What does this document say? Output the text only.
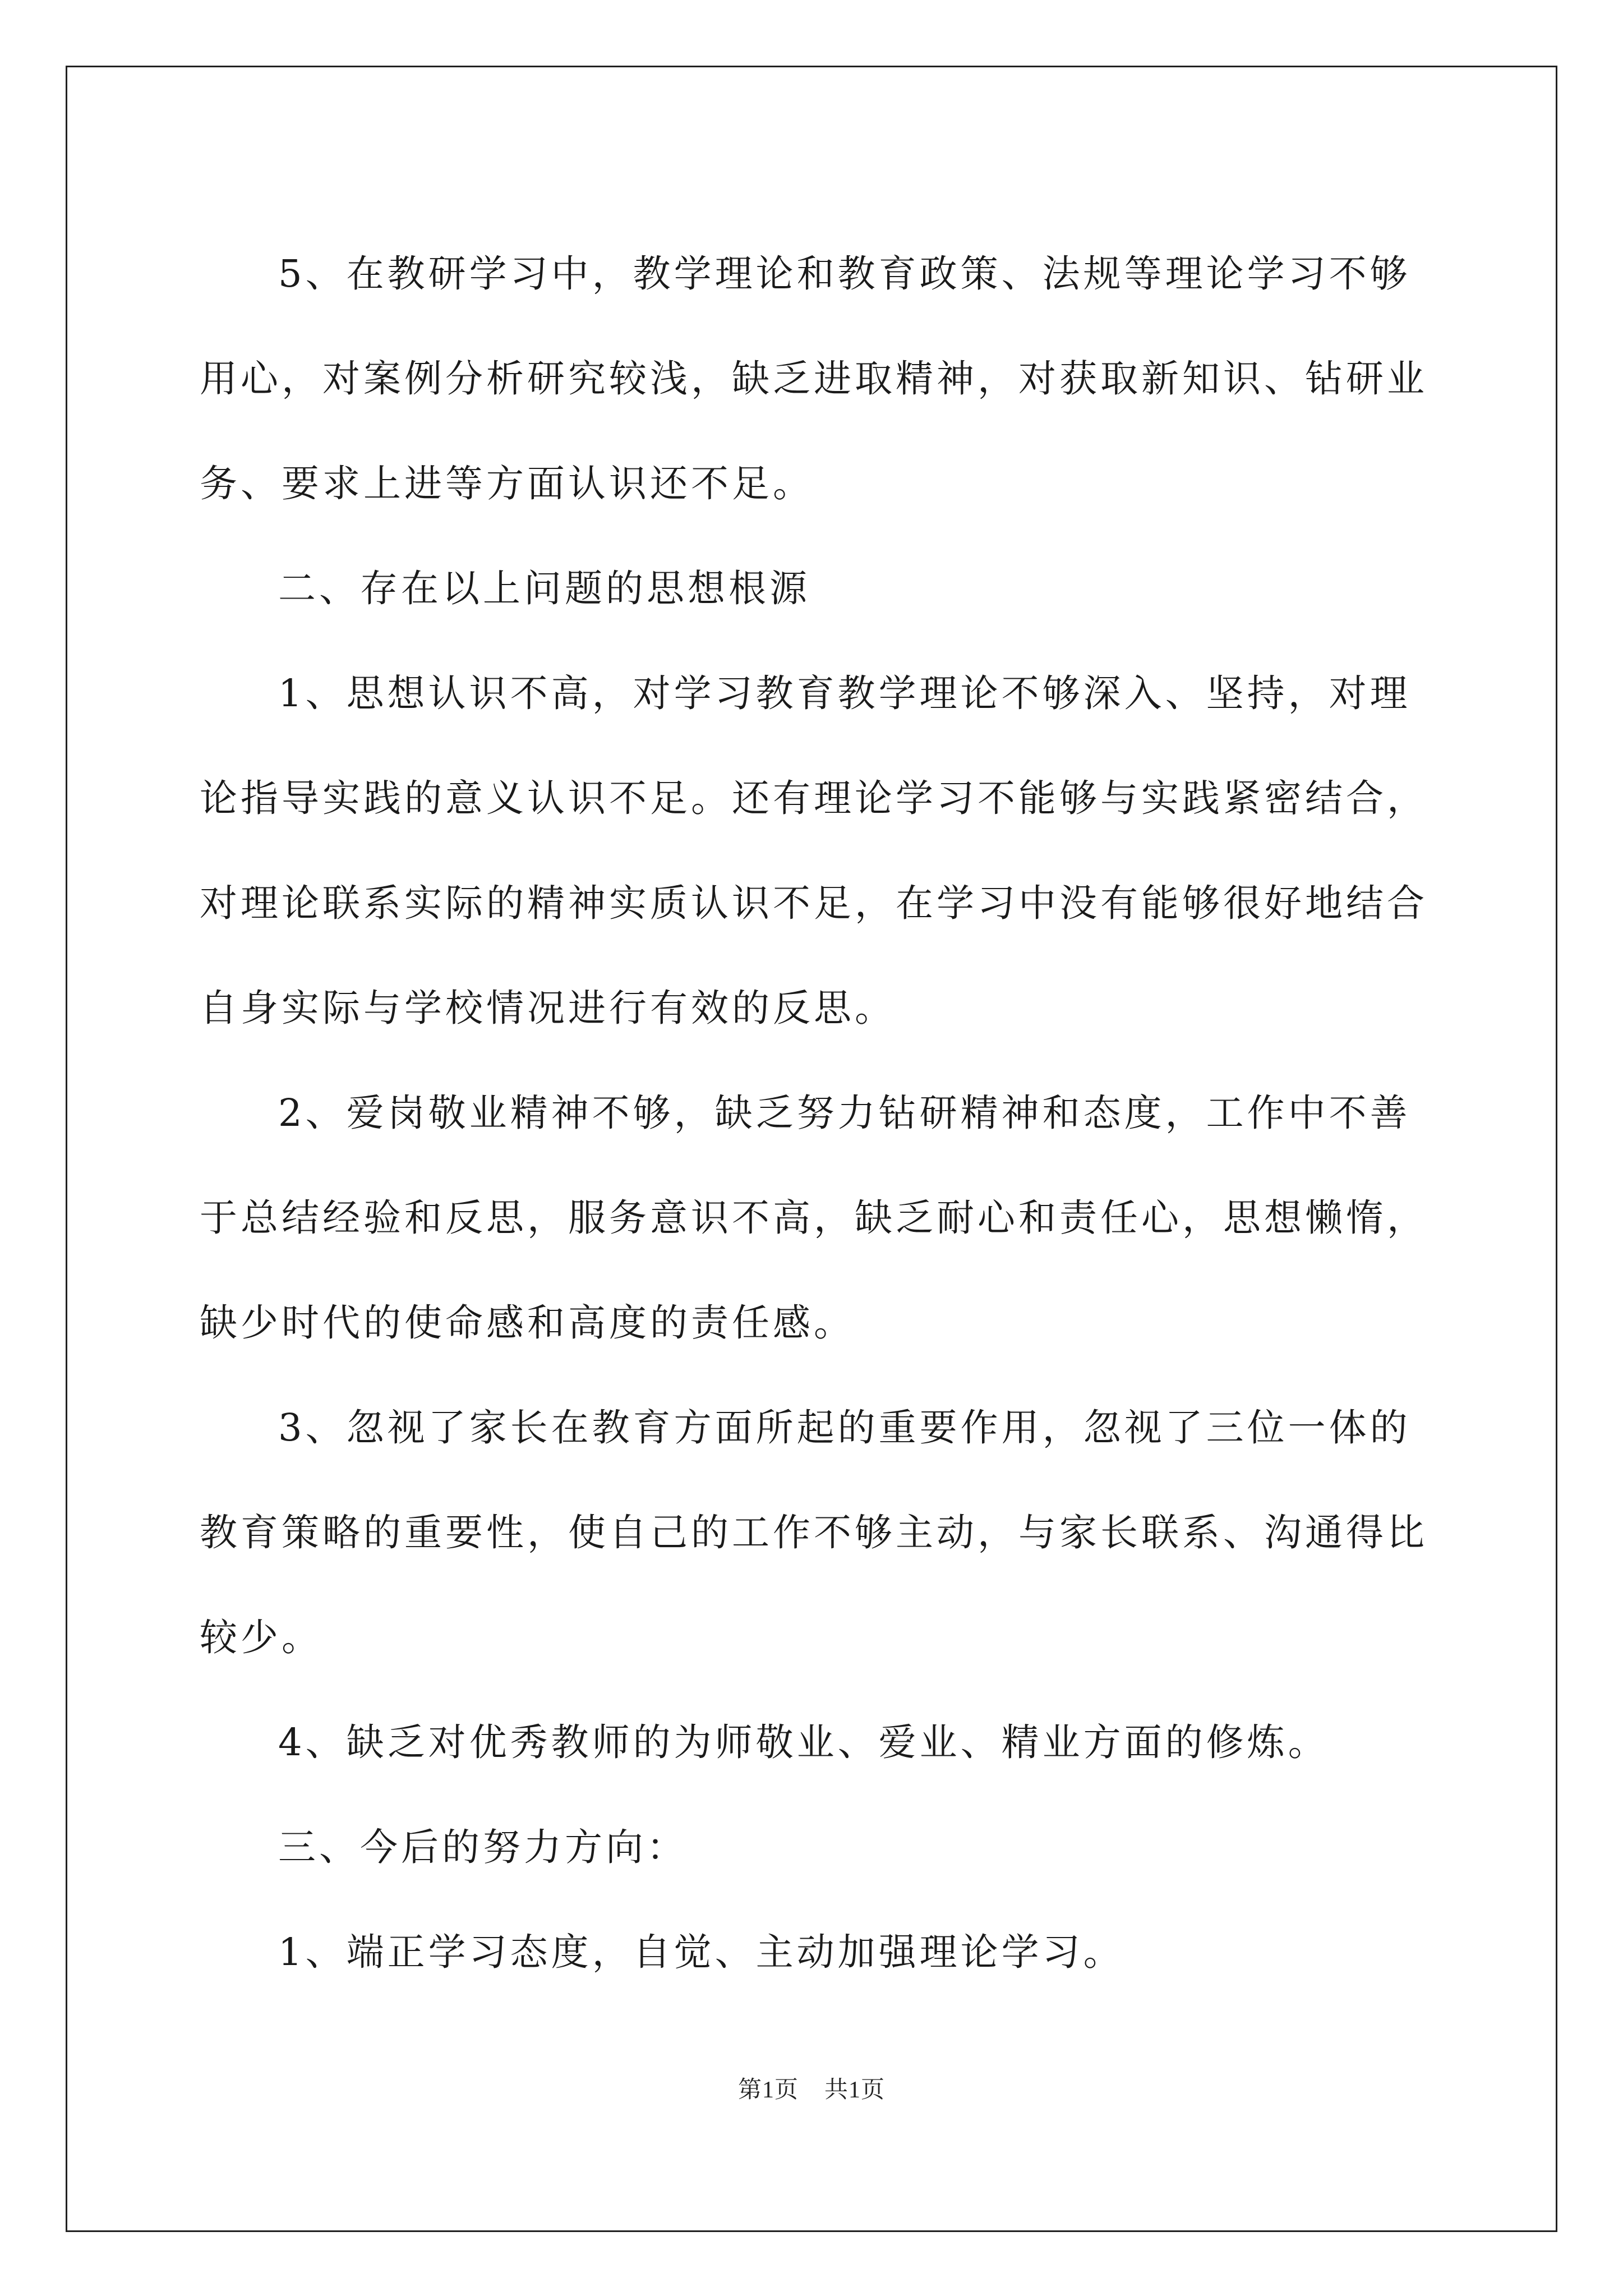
5、在教研学习中，教学理论和教育政策、法规等理论学习不够用心，对案例分析研究较浅，缺乏进取精神，对获取新知识、钻研业务、要求上进等方面认识还不足。

二、存在以上问题的思想根源

1、思想认识不高，对学习教育教学理论不够深入、坚持，对理论指导实践的意义认识不足。还有理论学习不能够与实践紧密结合，对理论联系实际的精神实质认识不足，在学习中没有能够很好地结合自身实际与学校情况进行有效的反思。

2、爱岗敬业精神不够，缺乏努力钻研精神和态度，工作中不善于总结经验和反思，服务意识不高，缺乏耐心和责任心，思想懒惰，缺少时代的使命感和高度的责任感。

3、忽视了家长在教育方面所起的重要作用，忽视了三位一体的教育策略的重要性，使自己的工作不够主动，与家长联系、沟通得比较少。

4、缺乏对优秀教师的为师敬业、爱业、精业方面的修炼。

三、今后的努力方向：

1、端正学习态度，自觉、主动加强理论学习。

第1页 共1页
